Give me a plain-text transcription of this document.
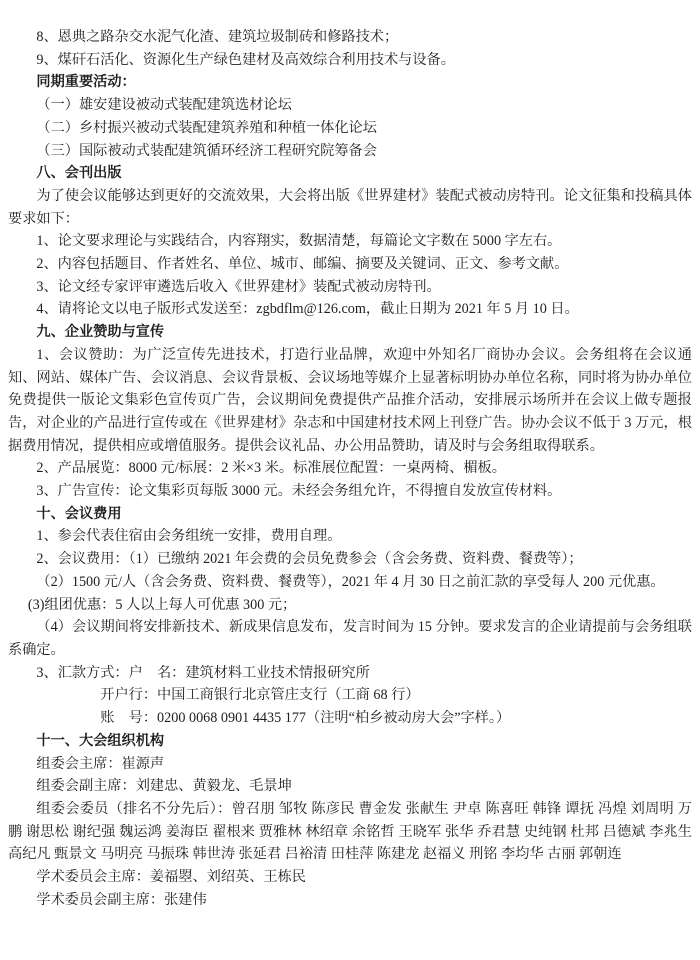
8、恩典之路杂交水泥气化渣、建筑垃圾制砖和修路技术；

9、煤矸石活化、资源化生产绿色建材及高效综合利用技术与设备。

同期重要活动：

（一）雄安建设被动式装配建筑选材论坛

（二）乡村振兴被动式装配建筑养殖和种植一体化论坛

（三）国际被动式装配建筑循环经济工程研究院筹备会

八、会刊出版

为了使会议能够达到更好的交流效果，大会将出版《世界建材》装配式被动房特刊。论文征集和投稿具体要求如下：

1、论文要求理论与实践结合，内容翔实，数据清楚，每篇论文字数在 5000 字左右。

2、内容包括题目、作者姓名、单位、城市、邮编、摘要及关键词、正文、参考文献。

3、论文经专家评审遴选后收入《世界建材》装配式被动房特刊。

4、请将论文以电子版形式发送至：zgbdflm@126.com，截止日期为 2021 年 5 月 10 日。

九、企业赞助与宣传

1、会议赞助：为广泛宣传先进技术，打造行业品牌，欢迎中外知名厂商协办会议。会务组将在会议通知、网站、媒体广告、会议消息、会议背景板、会议场地等媒介上显著标明协办单位名称，同时将为协办单位免费提供一版论文集彩色宣传页广告，会议期间免费提供产品推介活动，安排展示场所并在会议上做专题报告，对企业的产品进行宣传或在《世界建材》杂志和中国建材技术网上刊登广告。协办会议不低于 3 万元，根据费用情况，提供相应或增值服务。提供会议礼品、办公用品赞助，请及时与会务组取得联系。

2、产品展览：8000 元/标展：2 米×3 米。标准展位配置：一桌两椅、楣板。

3、广告宣传：论文集彩页每版 3000 元。未经会务组允许，不得擅自发放宣传材料。

十、会议费用

1、参会代表住宿由会务组统一安排，费用自理。

2、会议费用：（1）已缴纳 2021 年会费的会员免费参会（含会务费、资料费、餐费等）；

（2）1500 元/人（含会务费、资料费、餐费等），2021 年 4 月 30 日之前汇款的享受每人 200 元优惠。

(3)组团优惠：5 人以上每人可优惠 300 元；

（4）会议期间将安排新技术、新成果信息发布，发言时间为 15 分钟。要求发言的企业请提前与会务组联系确定。

3、汇款方式：户　名：建筑材料工业技术情报研究所

开户行：中国工商银行北京管庄支行（工商 68 行）

账　号：0200 0068 0901 4435 177（注明“柏乡被动房大会”字样。）

十一、大会组织机构

组委会主席：崔源声

组委会副主席：刘建忠、黄毅龙、毛景坤

组委会委员（排名不分先后）：曾召朋 邹牧 陈彦民 曹金发 张献生 尹卓 陈喜旺 韩锋 谭抚 冯煌 刘周明 万鹏 谢思松 谢纪强 魏运鸿 姜海臣 翟根来 贾雅林 林绍章 余铭哲 王晓军 张华 乔君慧 史纯钢 杜邦 吕德斌 李兆生 高纪凡 甄景文 马明亮 马振珠 韩世涛 张延君 吕裕清 田桂萍 陈建龙 赵福义 刑铭 李均华 古丽 郭朝连

学术委员会主席：姜福曌、刘绍英、王栋民

学术委员会副主席：张建伟
